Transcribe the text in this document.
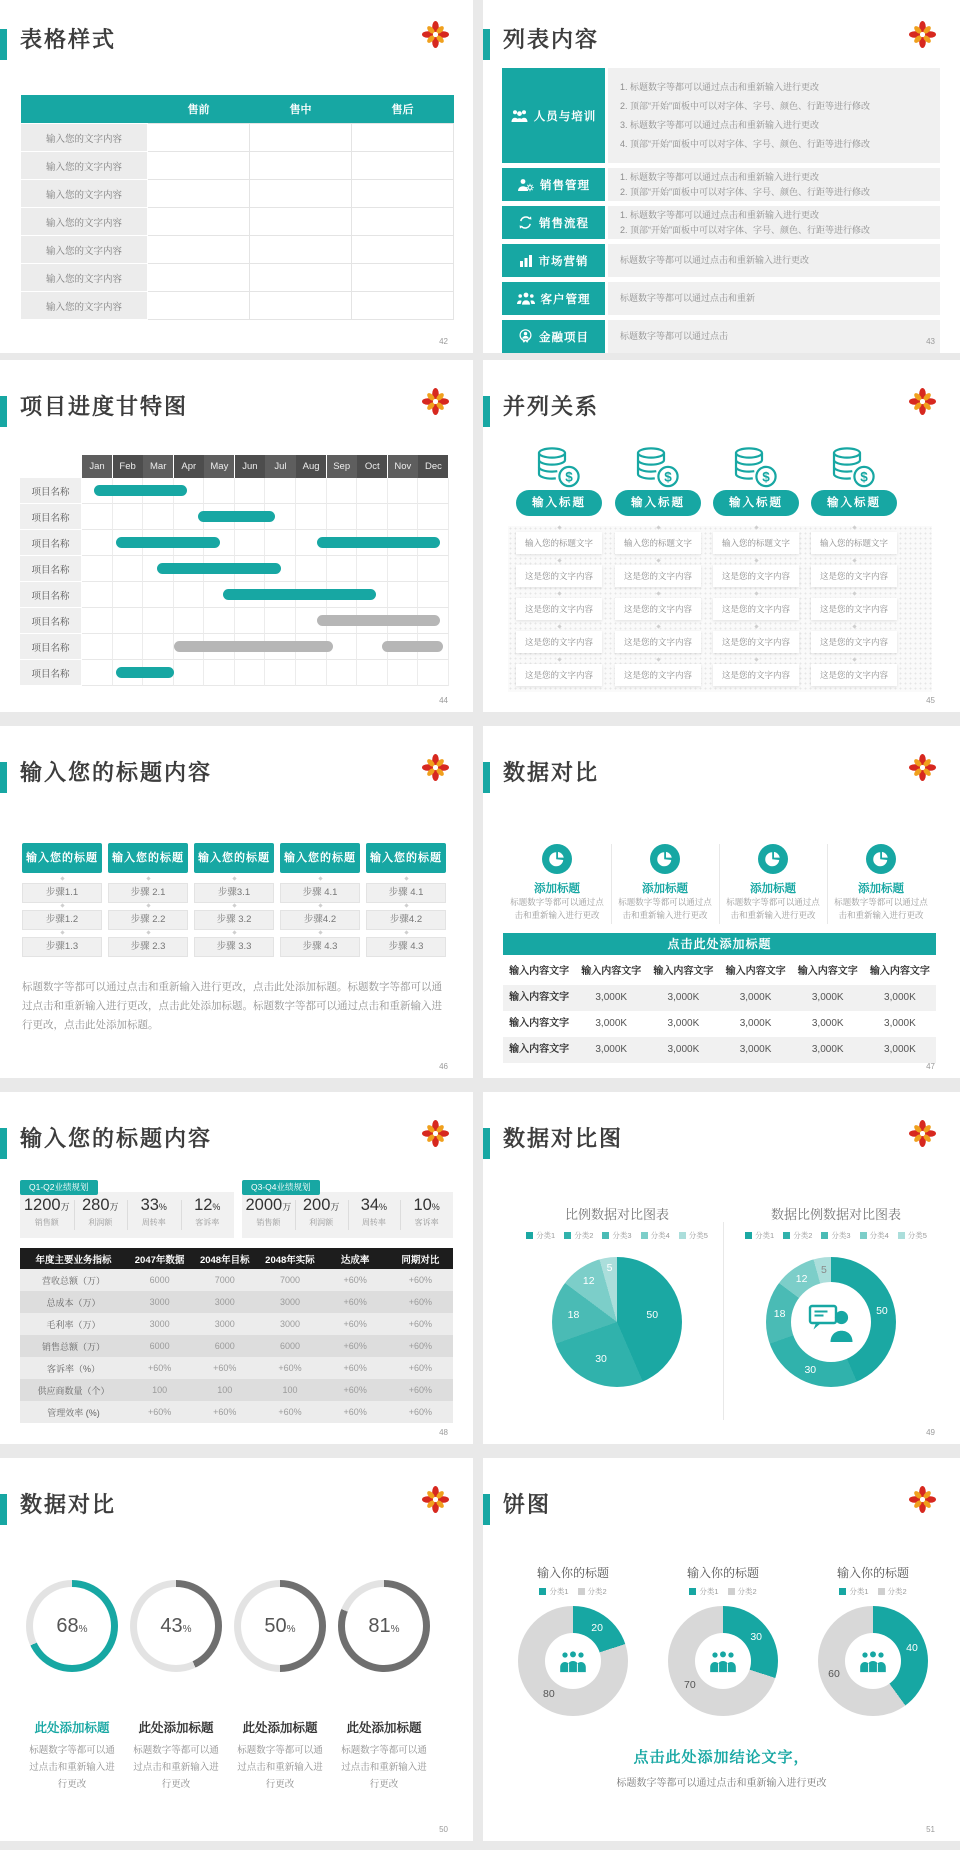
表格样式
	售前	售中	售后
输入您的文字内容			
输入您的文字内容			
输入您的文字内容			
输入您的文字内容			
输入您的文字内容			
输入您的文字内容			
输入您的文字内容			
42
列表内容
人员与培训
1. 标题数字等都可以通过点击和重新输入进行更改
2. 顶部“开始”面板中可以对字体、字号、颜色、行距等进行修改
3. 标题数字等都可以通过点击和重新输入进行更改
4. 顶部“开始”面板中可以对字体、字号、颜色、行距等进行修改
销售管理
1. 标题数字等都可以通过点击和重新输入进行更改
2. 顶部“开始”面板中可以对字体、字号、颜色、行距等进行修改
销售流程
1. 标题数字等都可以通过点击和重新输入进行更改
2. 顶部“开始”面板中可以对字体、字号、颜色、行距等进行修改
市场营销	标题数字等都可以通过点击和重新输入进行更改
客户管理	标题数字等都可以通过点击和重新
金融项目	标题数字等都可以通过点击
43
项目进度甘特图
Jan	Feb	Mar	Apr	May	Jun	Jul	Aug	Sep	Oct	Nov	Dec
项目名称
项目名称
项目名称
项目名称
项目名称
项目名称
项目名称
项目名称
44
并列关系
$
输入标题
输入您的标题文字
这是您的文字内容
这是您的文字内容
这是您的文字内容
这是您的文字内容
$
输入标题
输入您的标题文字
这是您的文字内容
这是您的文字内容
这是您的文字内容
这是您的文字内容
$
输入标题
输入您的标题文字
这是您的文字内容
这是您的文字内容
这是您的文字内容
这是您的文字内容
$
输入标题
输入您的标题文字
这是您的文字内容
这是您的文字内容
这是您的文字内容
这是您的文字内容
45
输入您的标题内容
输入您的标题
步骤1.1
步骤1.2
步骤1.3
输入您的标题
步骤 2.1
步骤 2.2
步骤 2.3
输入您的标题
步骤3.1
步骤 3.2
步骤 3.3
输入您的标题
步骤 4.1
步骤4.2
步骤 4.3
输入您的标题
步骤 4.1
步骤4.2
步骤 4.3
标题数字等都可以通过点击和重新输入进行更改，点击此处添加标题。标题数字等都可以通过点击和重新输入进行更改，点击此处添加标题。标题数字等都可以通过点击和重新输入进行更改，点击此处添加标题。
46
数据对比
添加标题
标题数字等都可以通过点击和重新输入进行更改
添加标题
标题数字等都可以通过点击和重新输入进行更改
添加标题
标题数字等都可以通过点击和重新输入进行更改
添加标题
标题数字等都可以通过点击和重新输入进行更改
点击此处添加标题
输入内容文字	输入内容文字	输入内容文字	输入内容文字	输入内容文字	输入内容文字
输入内容文字	3,000K	3,000K	3,000K	3,000K	3,000K
输入内容文字	3,000K	3,000K	3,000K	3,000K	3,000K
输入内容文字	3,000K	3,000K	3,000K	3,000K	3,000K
47
输入您的标题内容
Q1-Q2业绩规划
1200万
销售额
280万
利润额
33%
周转率
12%
客诉率
Q3-Q4业绩规划
2000万
销售额
200万
利润额
34%
周转率
10%
客诉率
年度主要业务指标	2047年数据	2048年目标	2048年实际	达成率	同期对比
营收总额（万）	6000	7000	7000	+60%	+60%
总成本（万）	3000	3000	3000	+60%	+60%
毛利率（万）	3000	3000	3000	+60%	+60%
销售总额（万）	6000	6000	6000	+60%	+60%
客诉率（%）	+60%	+60%	+60%	+60%	+60%
供应商数量（个）	100	100	100	+60%	+60%
管理效率 (%)	+60%	+60%	+60%	+60%	+60%
48
数据对比图
比例数据对比图表	数据比例数据对比图表
分类1	分类2	分类3	分类4	分类5	分类1	分类2	分类3	分类4	分类5
50
30
18
12
5
50
30
18
12
5
49
数据对比
68 %
此处添加标题
标题数字等都可以通过点击和重新输入进行更改
43 %
此处添加标题
标题数字等都可以通过点击和重新输入进行更改
50 %
此处添加标题
标题数字等都可以通过点击和重新输入进行更改
81 %
此处添加标题
标题数字等都可以通过点击和重新输入进行更改
50
饼图
输入你的标题
分类1	分类2
20
80
输入你的标题
分类1	分类2
30
70
输入你的标题
分类1	分类2
40
60
点击此处添加结论文字，
标题数字等都可以通过点击和重新输入进行更改
51
